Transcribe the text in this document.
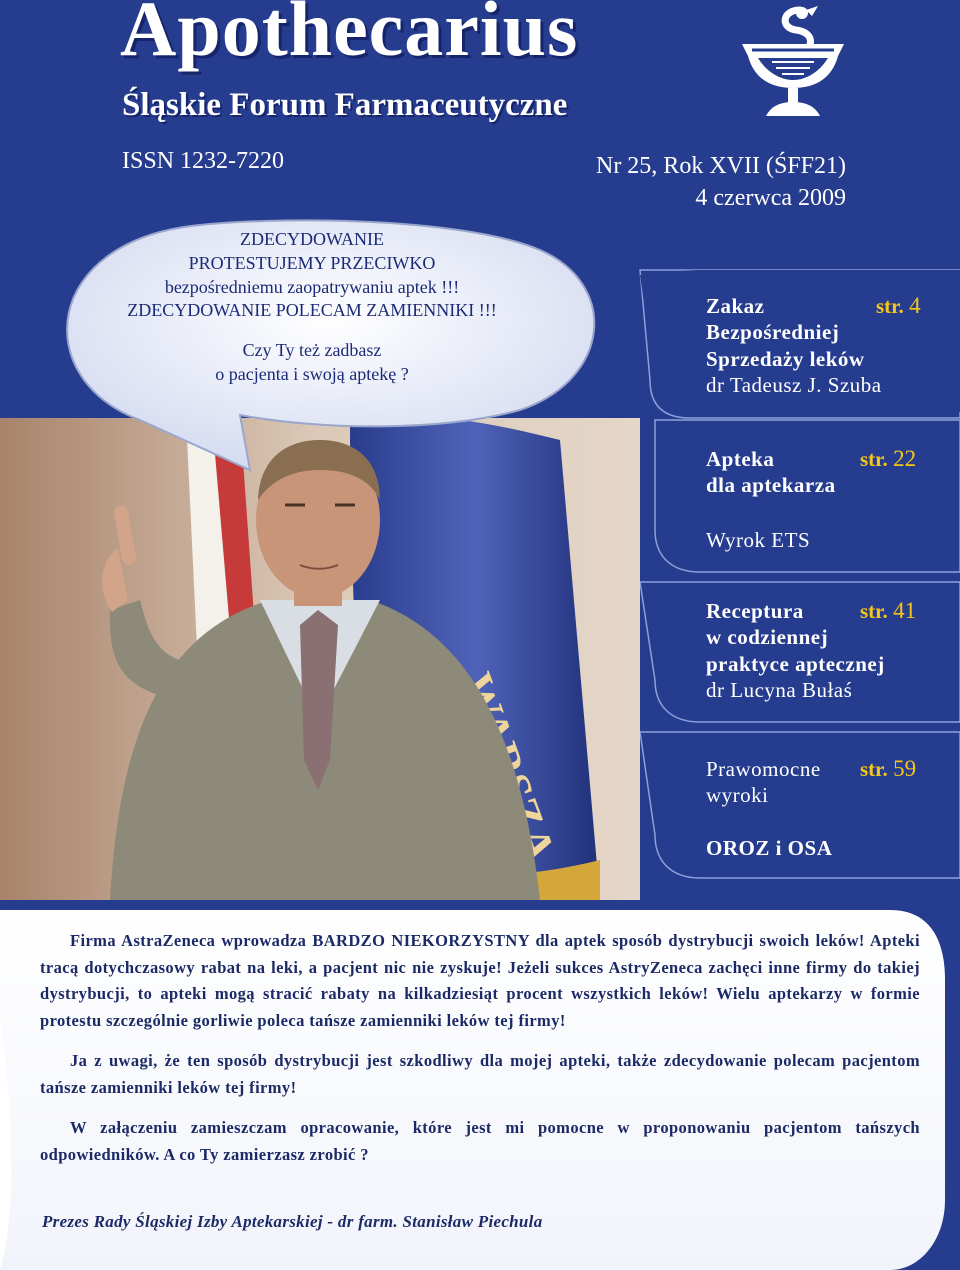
Apothecarius
Śląskie Forum Farmaceutyczne
ISSN 1232-7220	Nr 25, Rok XVII (ŚFF21)
4 czerwca 2009
ZDECYDOWANIE
PROTESTUJEMY PRZECIWKO
bezpośredniemu zaopatrywaniu aptek !!!
ZDECYDOWANIE POLECAM ZAMIENNIKI !!!
Czy Ty też zadbasz
o pacjenta i swoją aptekę ?
Zakaz
Bezpośredniej
Sprzedaży leków
dr Tadeusz J. Szuba
str. 4
Apteka
dla aptekarza
Wyrok ETS
str. 22
Receptura
w codziennej
praktyce aptecznej
dr Lucyna Bułaś
str. 41
Prawomocne
wyroki
OROZ i OSA
str. 59

Firma AstraZeneca wprowadza BARDZO NIEKORZYSTNY dla aptek sposób dystrybucji swoich leków! Apteki tracą dotychczasowy rabat na leki, a pacjent nic nie zyskuje! Jeżeli sukces AstryZeneca zachęci inne firmy do takiej dystrybucji, to apteki mogą stracić rabaty na kilkadziesiąt procent wszystkich leków! Wielu aptekarzy w formie protestu szczególnie gorliwie poleca tańsze zamienniki leków tej firmy!

Ja z uwagi, że ten sposób dystrybucji jest szkodliwy dla mojej apteki, także zdecydowanie polecam pacjentom tańsze zamienniki leków tej firmy!

W załączeniu zamieszczam opracowanie, które jest mi pomocne w proponowaniu pacjentom tańszych odpowiedników. A co Ty zamierzasz zrobić ?

Prezes Rady Śląskiej Izby Aptekarskiej - dr farm. Stanisław Piechula
